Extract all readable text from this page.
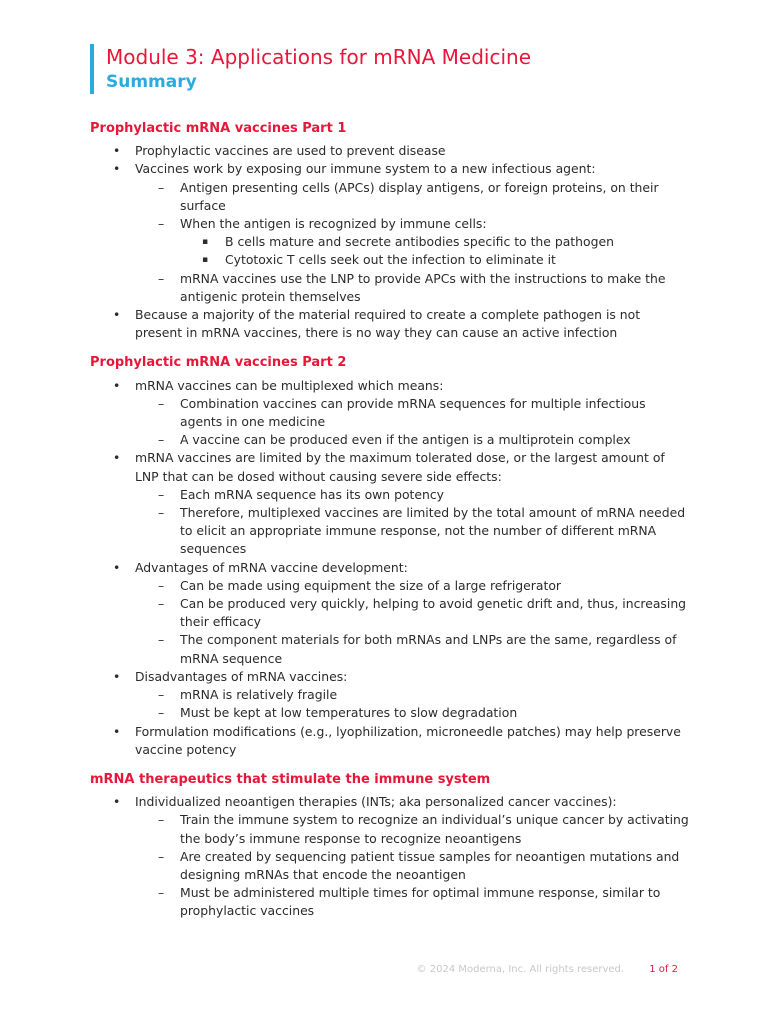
Module 3: Applications for mRNA Medicine
Summary
Prophylactic mRNA vaccines Part 1
• Prophylactic vaccines are used to prevent disease
• Vaccines work by exposing our immune system to a new infectious agent:
– Antigen presenting cells (APCs) display antigens, or foreign proteins, on their surface
– When the antigen is recognized by immune cells:
▪ B cells mature and secrete antibodies specific to the pathogen
▪ Cytotoxic T cells seek out the infection to eliminate it
– mRNA vaccines use the LNP to provide APCs with the instructions to make the antigenic protein themselves
• Because a majority of the material required to create a complete pathogen is not present in mRNA vaccines, there is no way they can cause an active infection
Prophylactic mRNA vaccines Part 2
• mRNA vaccines can be multiplexed which means:
– Combination vaccines can provide mRNA sequences for multiple infectious agents in one medicine
– A vaccine can be produced even if the antigen is a multiprotein complex
• mRNA vaccines are limited by the maximum tolerated dose, or the largest amount of LNP that can be dosed without causing severe side effects:
– Each mRNA sequence has its own potency
– Therefore, multiplexed vaccines are limited by the total amount of mRNA needed to elicit an appropriate immune response, not the number of different mRNA sequences
• Advantages of mRNA vaccine development:
– Can be made using equipment the size of a large refrigerator
– Can be produced very quickly, helping to avoid genetic drift and, thus, increasing their efficacy
– The component materials for both mRNAs and LNPs are the same, regardless of mRNA sequence
• Disadvantages of mRNA vaccines:
– mRNA is relatively fragile
– Must be kept at low temperatures to slow degradation
• Formulation modifications (e.g., lyophilization, microneedle patches) may help preserve vaccine potency
mRNA therapeutics that stimulate the immune system
• Individualized neoantigen therapies (INTs; aka personalized cancer vaccines):
– Train the immune system to recognize an individual’s unique cancer by activating the body’s immune response to recognize neoantigens
– Are created by sequencing patient tissue samples for neoantigen mutations and designing mRNAs that encode the neoantigen
– Must be administered multiple times for optimal immune response, similar to prophylactic vaccines
© 2024 Moderna, Inc. All rights reserved.	1 of 2
